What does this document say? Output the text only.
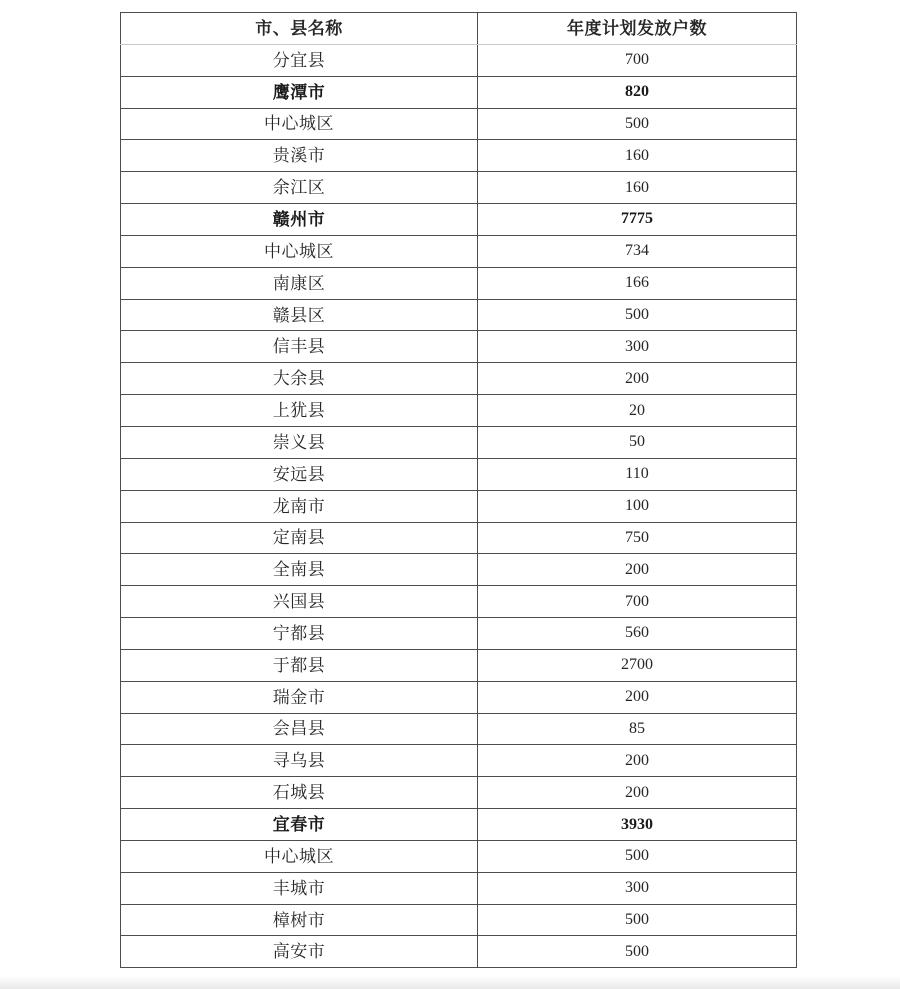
市、县名称	年度计划发放户数
分宜县	700
鹰潭市	820
中心城区	500
贵溪市	160
余江区	160
赣州市	7775
中心城区	734
南康区	166
赣县区	500
信丰县	300
大余县	200
上犹县	20
崇义县	50
安远县	110
龙南市	100
定南县	750
全南县	200
兴国县	700
宁都县	560
于都县	2700
瑞金市	200
会昌县	85
寻乌县	200
石城县	200
宜春市	3930
中心城区	500
丰城市	300
樟树市	500
高安市	500
